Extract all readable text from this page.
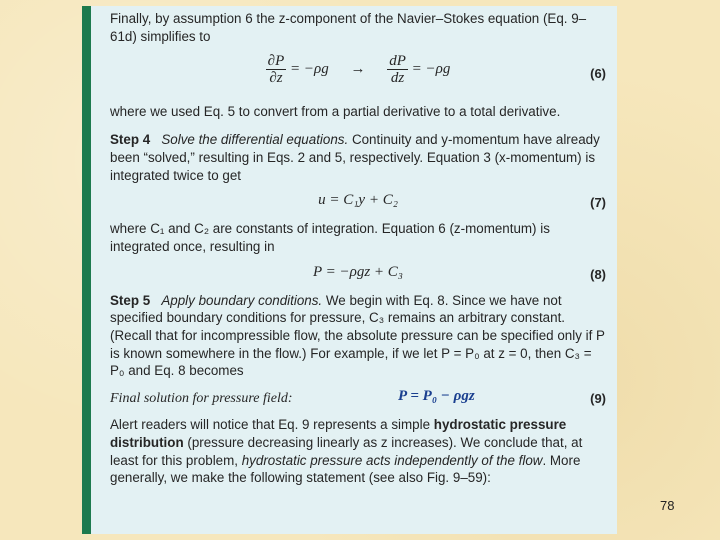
Finally, by assumption 6 the z-component of the Navier–Stokes equation (Eq. 9–61d) simplifies to

$\frac{\partial P}{\partial z} = -\rho g \to \frac{dP}{dz} = -\rho g$	(6)

where we used Eq. 5 to convert from a partial derivative to a total derivative.

Step 4 Solve the differential equations. Continuity and y-momentum have already been “solved,” resulting in Eqs. 2 and 5, respectively. Equation 3 (x-momentum) is integrated twice to get

u = C₁y + C₂	(7)

where C₁ and C₂ are constants of integration. Equation 6 (z-momentum) is integrated once, resulting in

P = −ρgz + C₃	(8)

Step 5 Apply boundary conditions. We begin with Eq. 8. Since we have not specified boundary conditions for pressure, C₃ remains an arbitrary constant. (Recall that for incompressible flow, the absolute pressure can be specified only if P is known somewhere in the flow.) For example, if we let P = P₀ at z = 0, then C₃ = P₀ and Eq. 8 becomes

Final solution for pressure field:	P = P₀ − ρgz	(9)

Alert readers will notice that Eq. 9 represents a simple hydrostatic pressure distribution (pressure decreasing linearly as z increases). We conclude that, at least for this problem, hydrostatic pressure acts independently of the flow. More generally, we make the following statement (see also Fig. 9–59):

78
